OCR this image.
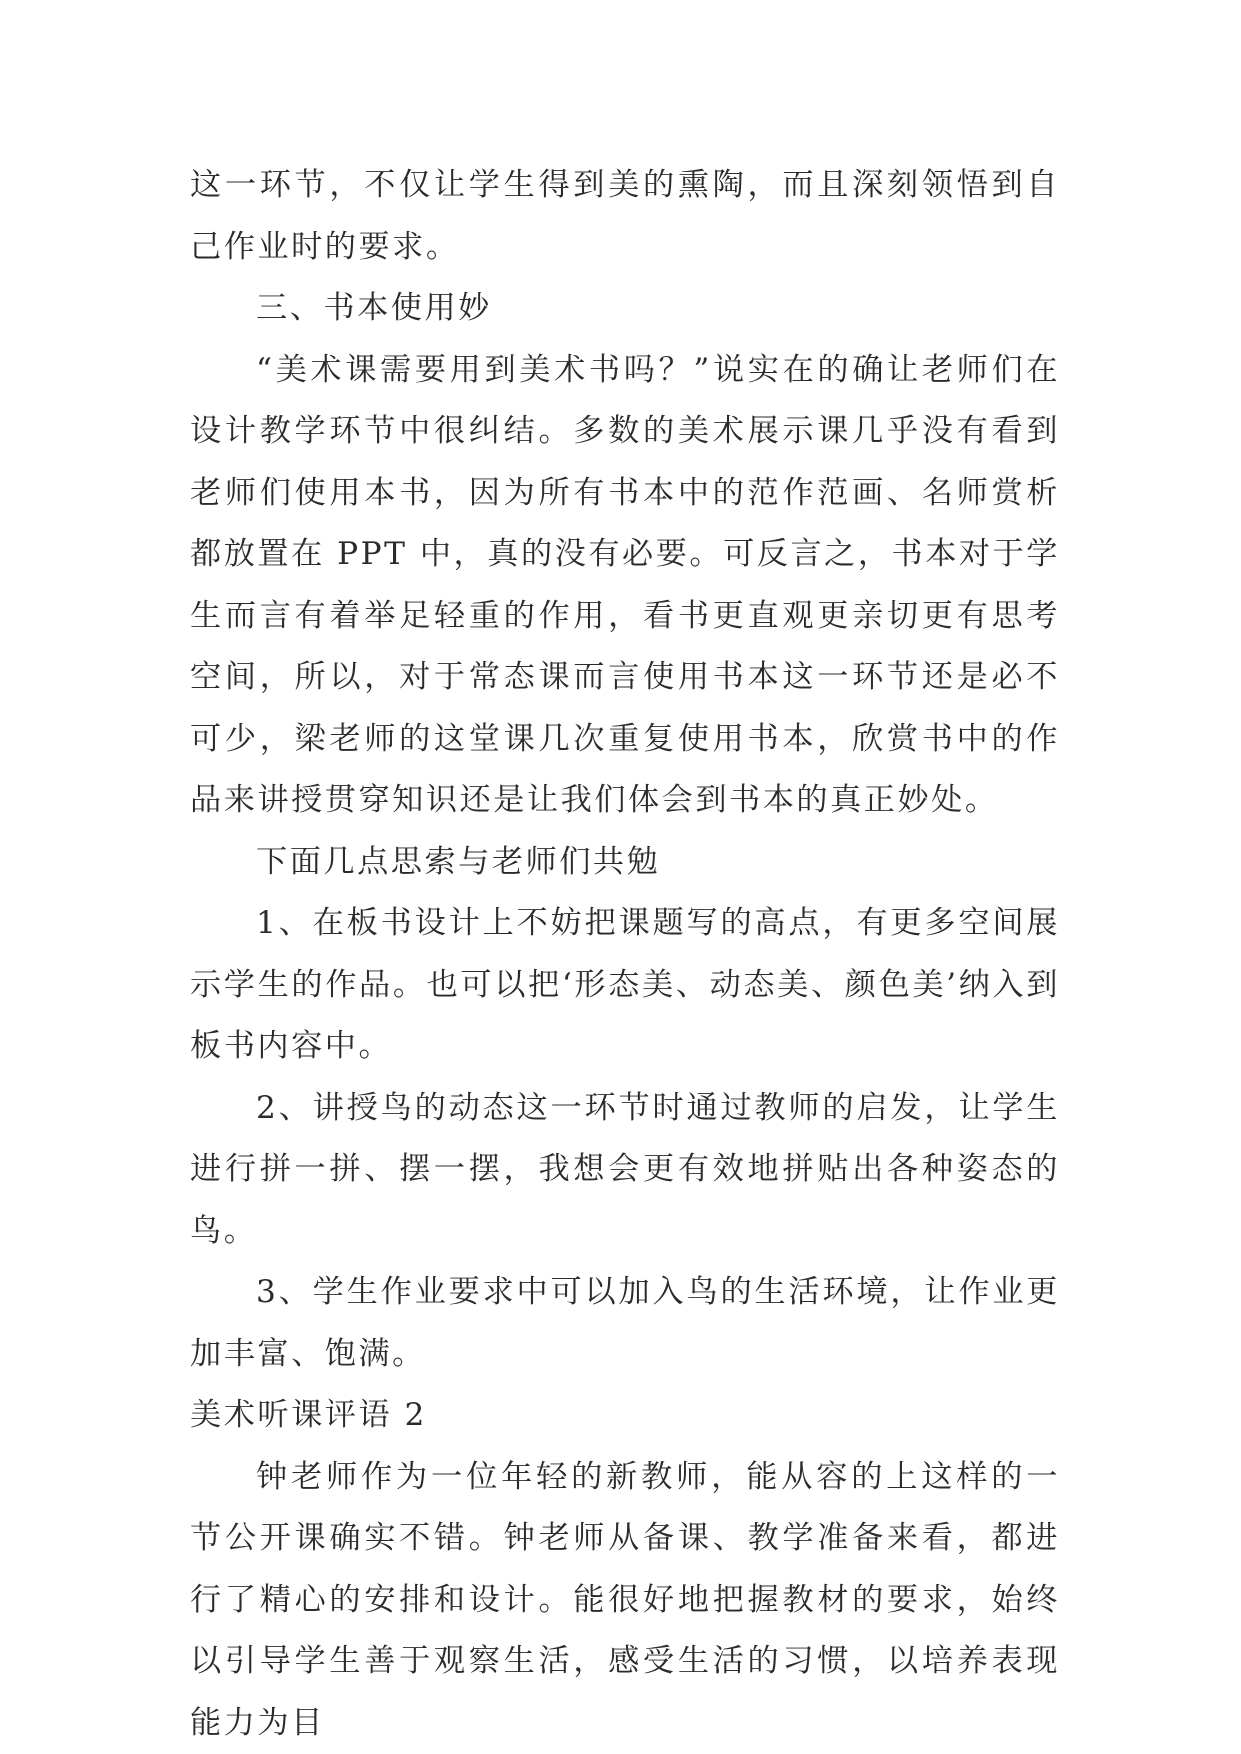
这一环节，不仅让学生得到美的熏陶，而且深刻领悟到自己作业时的要求。

三、书本使用妙

“美术课需要用到美术书吗？”说实在的确让老师们在设计教学环节中很纠结。多数的美术展示课几乎没有看到老师们使用本书，因为所有书本中的范作范画、名师赏析都放置在 PPT 中，真的没有必要。可反言之，书本对于学生而言有着举足轻重的作用，看书更直观更亲切更有思考空间，所以，对于常态课而言使用书本这一环节还是必不可少，梁老师的这堂课几次重复使用书本，欣赏书中的作品来讲授贯穿知识还是让我们体会到书本的真正妙处。

下面几点思索与老师们共勉

1、在板书设计上不妨把课题写的高点，有更多空间展示学生的作品。也可以把‘形态美、动态美、颜色美’纳入到板书内容中。

2、讲授鸟的动态这一环节时通过教师的启发，让学生进行拼一拼、摆一摆，我想会更有效地拼贴出各种姿态的鸟。

3、学生作业要求中可以加入鸟的生活环境，让作业更加丰富、饱满。

美术听课评语 2

钟老师作为一位年轻的新教师，能从容的上这样的一节公开课确实不错。钟老师从备课、教学准备来看，都进行了精心的安排和设计。能很好地把握教材的要求，始终以引导学生善于观察生活，感受生活的习惯，以培养表现能力为目
